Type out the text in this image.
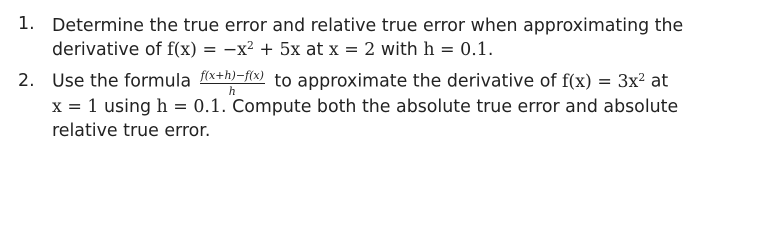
1.	Determine the true error and relative true error when approximating the
derivative of $f(x) = -x^2 + 5x$ at x = 2 with h = 0.1.
2.	Use the formula $\frac{f(x+h)-f(x)}{h}$ to approximate the derivative of $f(x) = 3x^2$ at
x = 1 using h = 0.1. Compute both the absolute true error and absolute
relative true error.
